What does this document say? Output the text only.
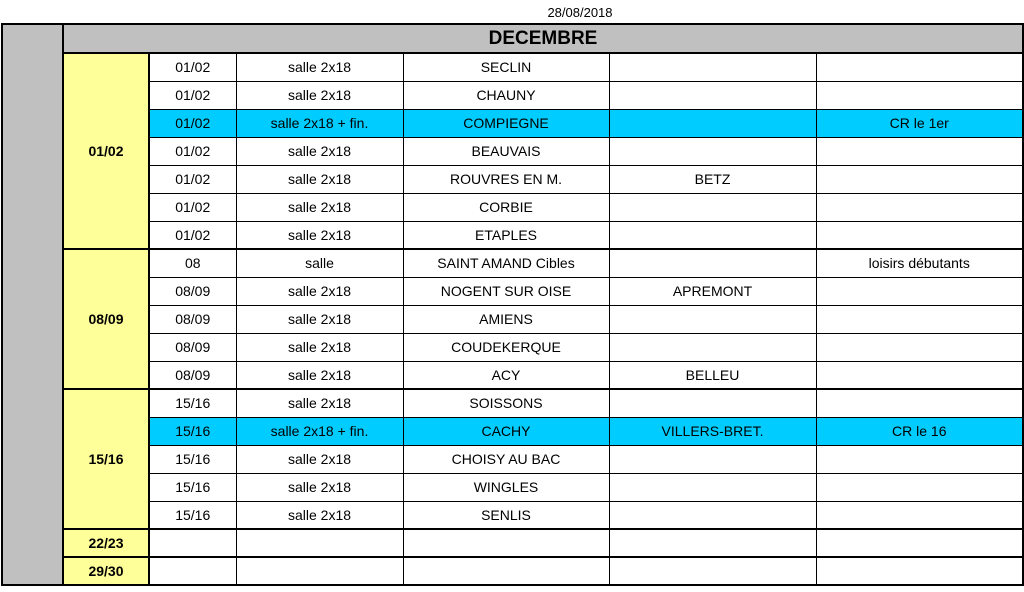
28/08/2018
	DECEMBRE					
	01/02	01/02	salle 2x18	SECLIN		
		01/02	salle 2x18	CHAUNY		
		01/02	salle 2x18 + fin.	COMPIEGNE		CR le 1er
		01/02	salle 2x18	BEAUVAIS		
		01/02	salle 2x18	ROUVRES EN M.	BETZ	
		01/02	salle 2x18	CORBIE		
		01/02	salle 2x18	ETAPLES		
	08/09	08	salle	SAINT AMAND Cibles		loisirs débutants
		08/09	salle 2x18	NOGENT SUR OISE	APREMONT	
		08/09	salle 2x18	AMIENS		
		08/09	salle 2x18	COUDEKERQUE		
		08/09	salle 2x18	ACY	BELLEU	
	15/16	15/16	salle 2x18	SOISSONS		
		15/16	salle 2x18 + fin.	CACHY	VILLERS-BRET.	CR le 16
		15/16	salle 2x18	CHOISY AU BAC		
		15/16	salle 2x18	WINGLES		
		15/16	salle 2x18	SENLIS		
	22/23					
	29/30					
